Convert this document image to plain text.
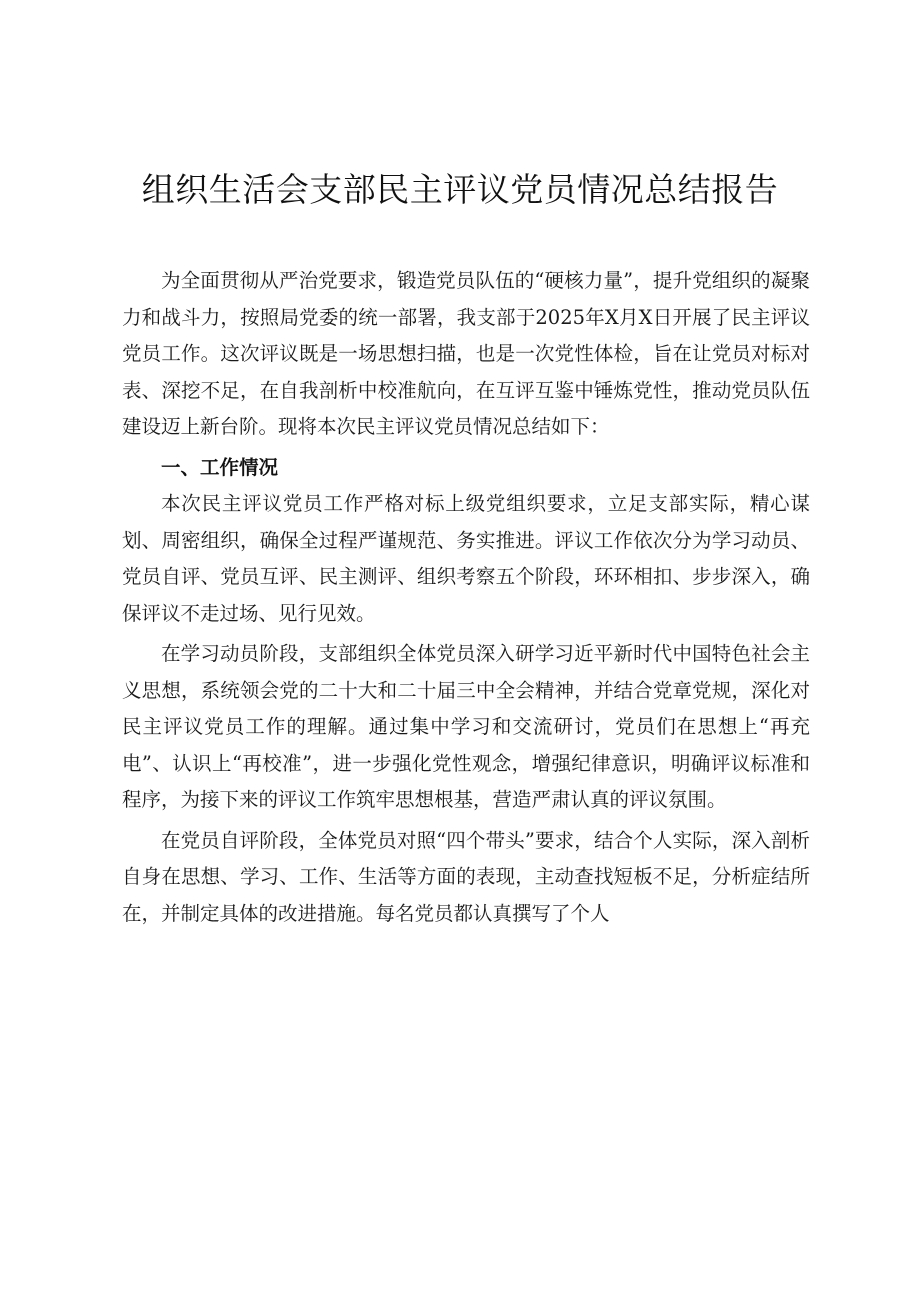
组织生活会支部民主评议党员情况总结报告

为全面贯彻从严治党要求，锻造党员队伍的“硬核力量”，提升党组织的凝聚力和战斗力，按照局党委的统一部署，我支部于2025年X月X日开展了民主评议党员工作。这次评议既是一场思想扫描，也是一次党性体检，旨在让党员对标对表、深挖不足，在自我剖析中校准航向，在互评互鉴中锤炼党性，推动党员队伍建设迈上新台阶。现将本次民主评议党员情况总结如下：

一、工作情况

本次民主评议党员工作严格对标上级党组织要求，立足支部实际，精心谋划、周密组织，确保全过程严谨规范、务实推进。评议工作依次分为学习动员、党员自评、党员互评、民主测评、组织考察五个阶段，环环相扣、步步深入，确保评议不走过场、见行见效。

在学习动员阶段，支部组织全体党员深入研学习近平新时代中国特色社会主义思想，系统领会党的二十大和二十届三中全会精神，并结合党章党规，深化对民主评议党员工作的理解。通过集中学习和交流研讨，党员们在思想上“再充电”、认识上“再校准”，进一步强化党性观念，增强纪律意识，明确评议标准和程序，为接下来的评议工作筑牢思想根基，营造严肃认真的评议氛围。

在党员自评阶段，全体党员对照“四个带头”要求，结合个人实际，深入剖析自身在思想、学习、工作、生活等方面的表现，主动查找短板不足，分析症结所在，并制定具体的改进措施。每名党员都认真撰写了个人
